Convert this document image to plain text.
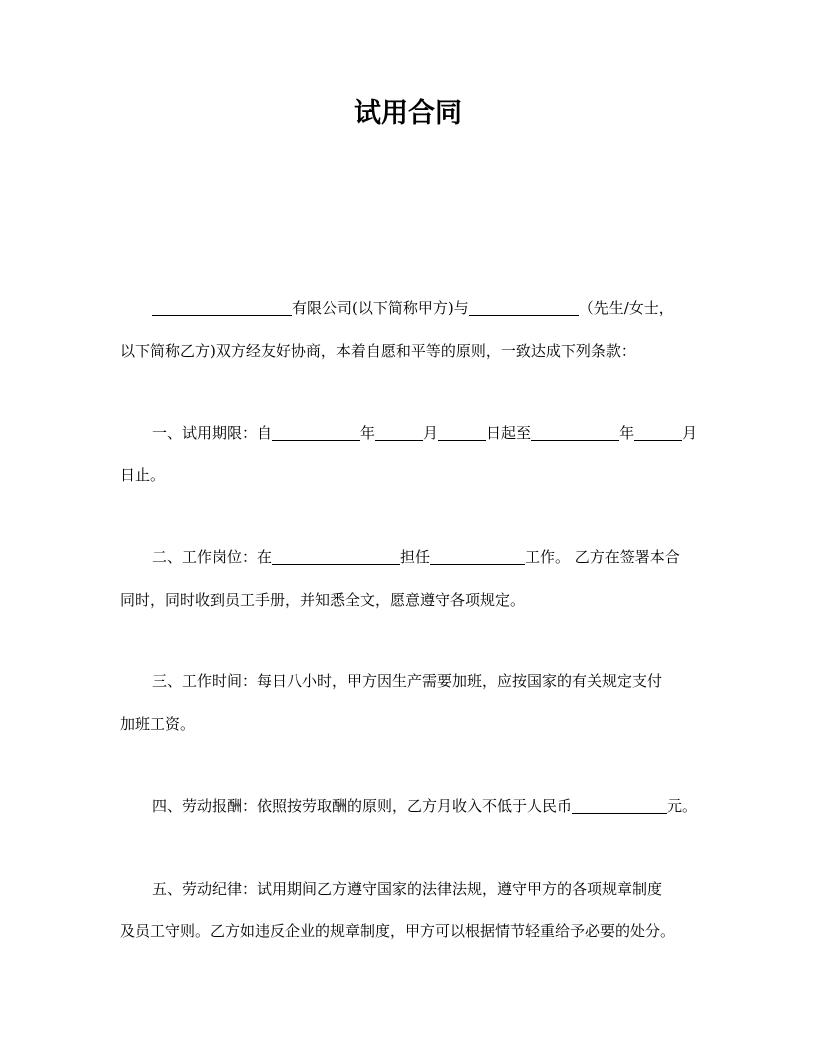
试用合同
有限公司(以下简称甲方)与	（先生/女士，
以下简称乙方)双方经友好协商，本着自愿和平等的原则，一致达成下列条款：
一、试用期限：自	年	月	日起至	年	月
日止。
二、工作岗位：在	担任	工作。 乙方在签署本合
同时，同时收到员工手册，并知悉全文，愿意遵守各项规定。
三、工作时间：每日八小时，甲方因生产需要加班，应按国家的有关规定支付
加班工资。
四、劳动报酬：依照按劳取酬的原则，乙方月收入不低于人民币	元。
五、劳动纪律：试用期间乙方遵守国家的法律法规，遵守甲方的各项规章制度
及员工守则。乙方如违反企业的规章制度，甲方可以根据情节轻重给予必要的处分。
